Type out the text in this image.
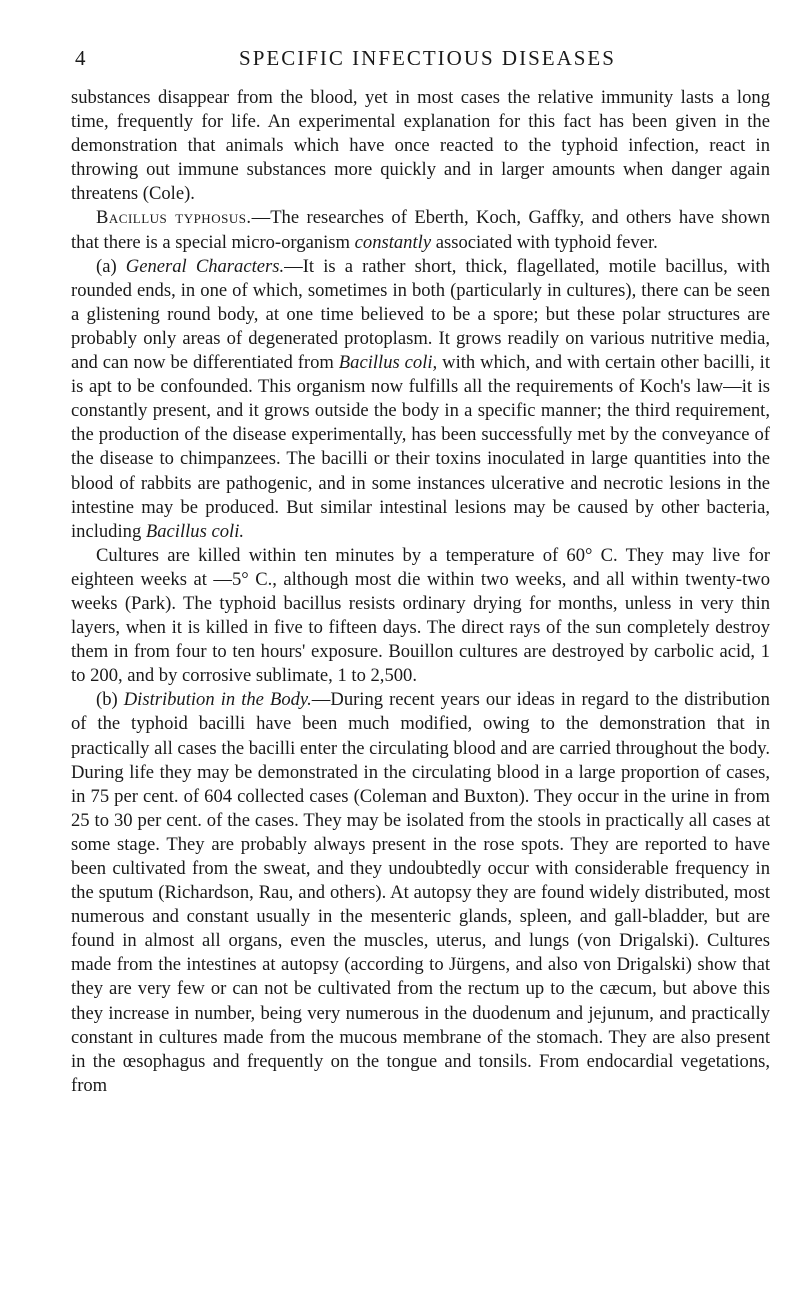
4	SPECIFIC INFECTIOUS DISEASES

substances disappear from the blood, yet in most cases the relative immunity lasts a long time, frequently for life. An experimental explanation for this fact has been given in the demonstration that animals which have once reacted to the typhoid infection, react in throwing out immune substances more quickly and in larger amounts when danger again threatens (Cole).

Bacillus typhosus.—The researches of Eberth, Koch, Gaffky, and others have shown that there is a special micro-organism constantly associated with typhoid fever.

(a) General Characters.—It is a rather short, thick, flagellated, motile bacillus, with rounded ends, in one of which, sometimes in both (particularly in cultures), there can be seen a glistening round body, at one time believed to be a spore; but these polar structures are probably only areas of degenerated protoplasm. It grows readily on various nutritive media, and can now be differentiated from Bacillus coli, with which, and with certain other bacilli, it is apt to be confounded. This organism now fulfills all the requirements of Koch's law—it is constantly present, and it grows outside the body in a specific manner; the third requirement, the production of the disease experimentally, has been successfully met by the conveyance of the disease to chimpanzees. The bacilli or their toxins inoculated in large quantities into the blood of rabbits are pathogenic, and in some instances ulcerative and necrotic lesions in the intestine may be produced. But similar intestinal lesions may be caused by other bacteria, including Bacillus coli.

Cultures are killed within ten minutes by a temperature of 60° C. They may live for eighteen weeks at —5° C., although most die within two weeks, and all within twenty-two weeks (Park). The typhoid bacillus resists ordinary drying for months, unless in very thin layers, when it is killed in five to fifteen days. The direct rays of the sun completely destroy them in from four to ten hours' exposure. Bouillon cultures are destroyed by carbolic acid, 1 to 200, and by corrosive sublimate, 1 to 2,500.

(b) Distribution in the Body.—During recent years our ideas in regard to the distribution of the typhoid bacilli have been much modified, owing to the demonstration that in practically all cases the bacilli enter the circulating blood and are carried throughout the body. During life they may be demonstrated in the circulating blood in a large proportion of cases, in 75 per cent. of 604 collected cases (Coleman and Buxton). They occur in the urine in from 25 to 30 per cent. of the cases. They may be isolated from the stools in practically all cases at some stage. They are probably always present in the rose spots. They are reported to have been cultivated from the sweat, and they undoubtedly occur with considerable frequency in the sputum (Richardson, Rau, and others). At autopsy they are found widely distributed, most numerous and constant usually in the mesenteric glands, spleen, and gall-bladder, but are found in almost all organs, even the muscles, uterus, and lungs (von Drigalski). Cultures made from the intestines at autopsy (according to Jürgens, and also von Drigalski) show that they are very few or can not be cultivated from the rectum up to the cæcum, but above this they increase in number, being very numerous in the duodenum and jejunum, and practically constant in cultures made from the mucous membrane of the stomach. They are also present in the œsophagus and frequently on the tongue and tonsils. From endocardial vegetations, from
